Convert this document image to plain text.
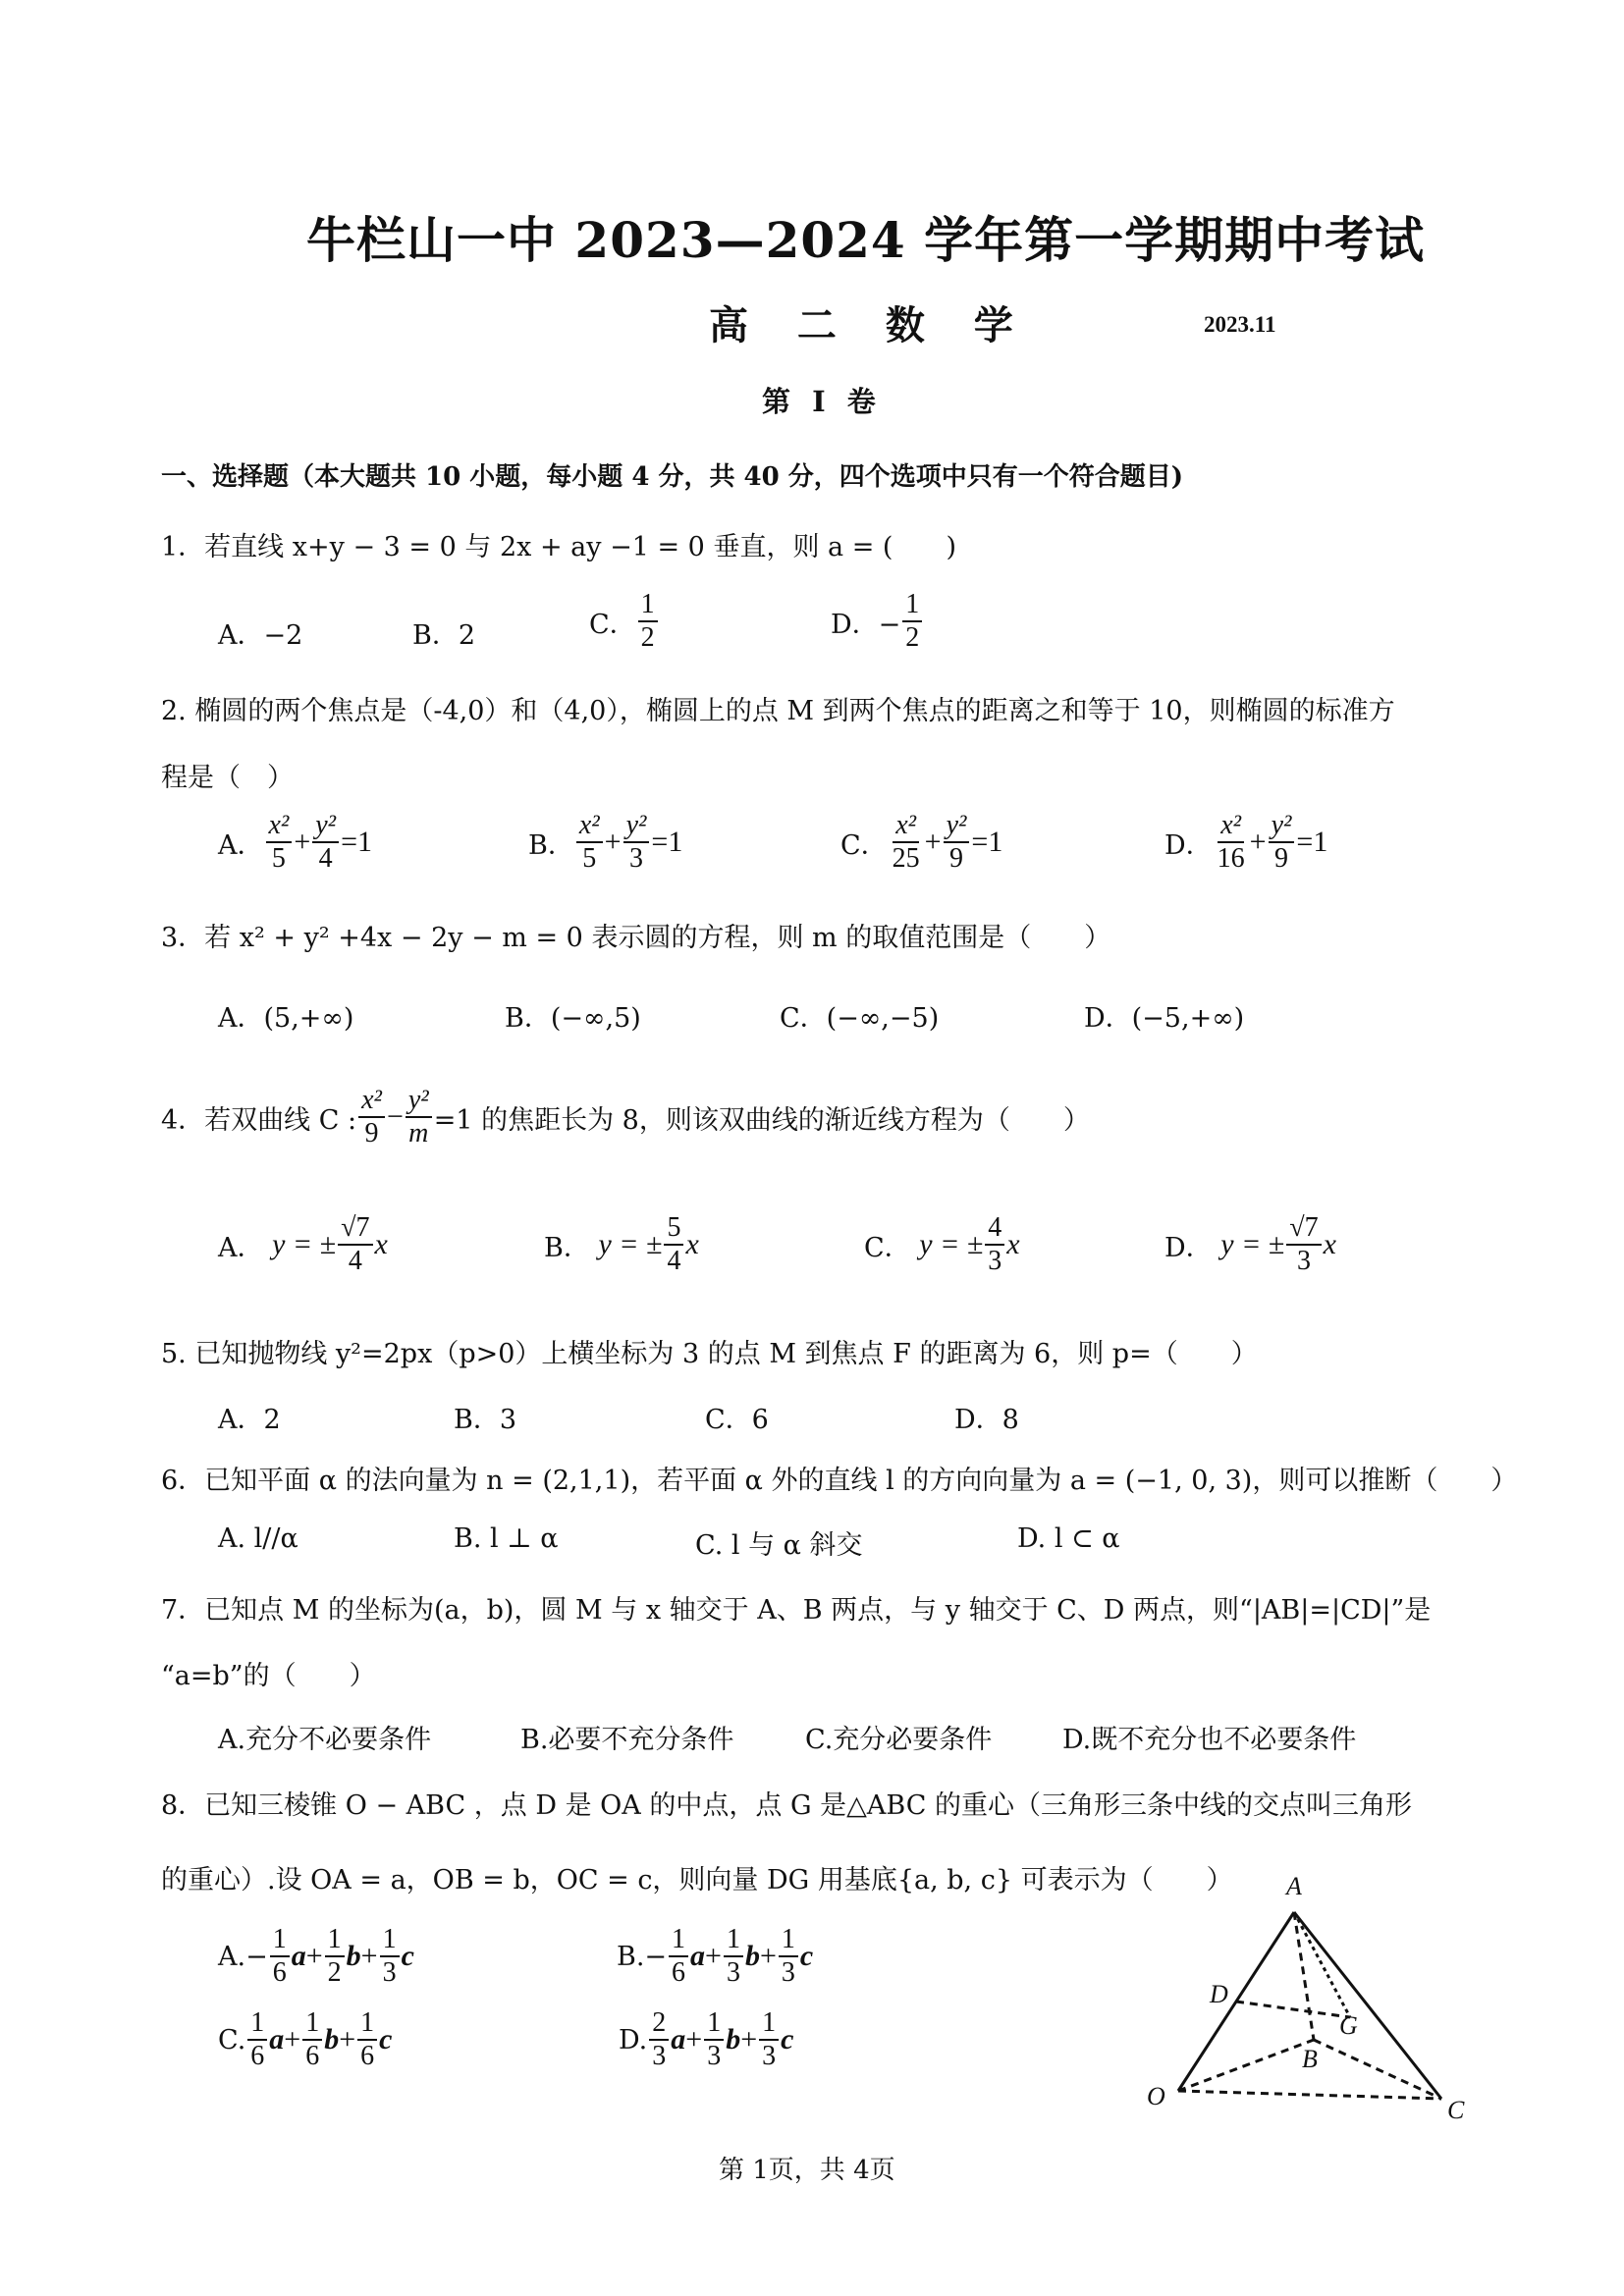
牛栏山一中 2023—2024 学年第一学期期中考试
高 二 数 学	2023.11
第 I 卷
一、选择题（本大题共 10 小题，每小题 4 分，共 40 分，四个选项中只有一个符合题目)
1．若直线 x+y − 3 = 0 与 2x + ay −1 = 0 垂直，则 a = (　　)
A．−2	B．2	C． $\frac{1}{2}$	D．− $\frac{1}{2}$
2. 椭圆的两个焦点是（-4,0）和（4,0），椭圆上的点 M 到两个焦点的距离之和等于 10，则椭圆的标准方
程是（　）
A． $\frac{\text{x²}}{5} + \frac{\text{y²}}{4} =1$	B． $\frac{\text{x²}}{5} + \frac{\text{y²}}{3} =1$	C． $\frac{\text{x²}}{25} + \frac{\text{y²}}{9} =1$	D． $\frac{\text{x²}}{16} + \frac{\text{y²}}{9} =1$
3．若 x² + y² +4x − 2y − m = 0 表示圆的方程，则 m 的取值范围是（　　）
A．(5,+∞)	B．(−∞,5)	C．(−∞,−5)	D．(−5,+∞)
4．若双曲线 C : $\frac{\text{x²}}{9} - \frac{\text{y²}}{m} =1$ 的焦距长为 8，则该双曲线的渐近线方程为（　　）
A．
y = ± $\frac{√7}{4}$ x	B．
y = ± $\frac{5}{4}$ x	C．
y = ± $\frac{4}{3}$ x	D．
y = ± $\frac{√7}{3}$ x
5. 已知抛物线 y²=2px（p>0）上横坐标为 3 的点 M 到焦点 F 的距离为 6，则 p=（　　）
A．2	B．3	C．6	D．8
6．已知平面 α 的法向量为 n = (2,1,1)，若平面 α 外的直线 l 的方向向量为 a = (−1, 0, 3)，则可以推断（　　）
A. l//α	B. l ⊥ α	C. l 与 α 斜交	D. l ⊂ α
7．已知点 M 的坐标为(a，b)，圆 M 与 x 轴交于 A、B 两点，与 y 轴交于 C、D 两点，则“|AB|=|CD|”是
“a=b”的（　　）
A.充分不必要条件	B.必要不充分条件	C.充分必要条件	D.既不充分也不必要条件
8．已知三棱锥 O − ABC ，点 D 是 OA 的中点，点 G 是△ABC 的重心（三角形三条中线的交点叫三角形
的重心）.设 OA = a，OB = b，OC = c，则向量 DG 用基底{a, b, c} 可表示为（　　）
$A.- \frac{1}{6}$ $a + \frac{1}{2}$ $b + \frac{1}{3}$ c	$B.- \frac{1}{6}$ $a + \frac{1}{3}$ $b + \frac{1}{3}$ c
C. $\frac{1}{6}$ $a + \frac{1}{6}$ $b + \frac{1}{6}$ c	D. $\frac{2}{3}$ $a + \frac{1}{3}$ $b + \frac{1}{3}$ c
A
B
C
D
G
O
第 1页，共 4页
